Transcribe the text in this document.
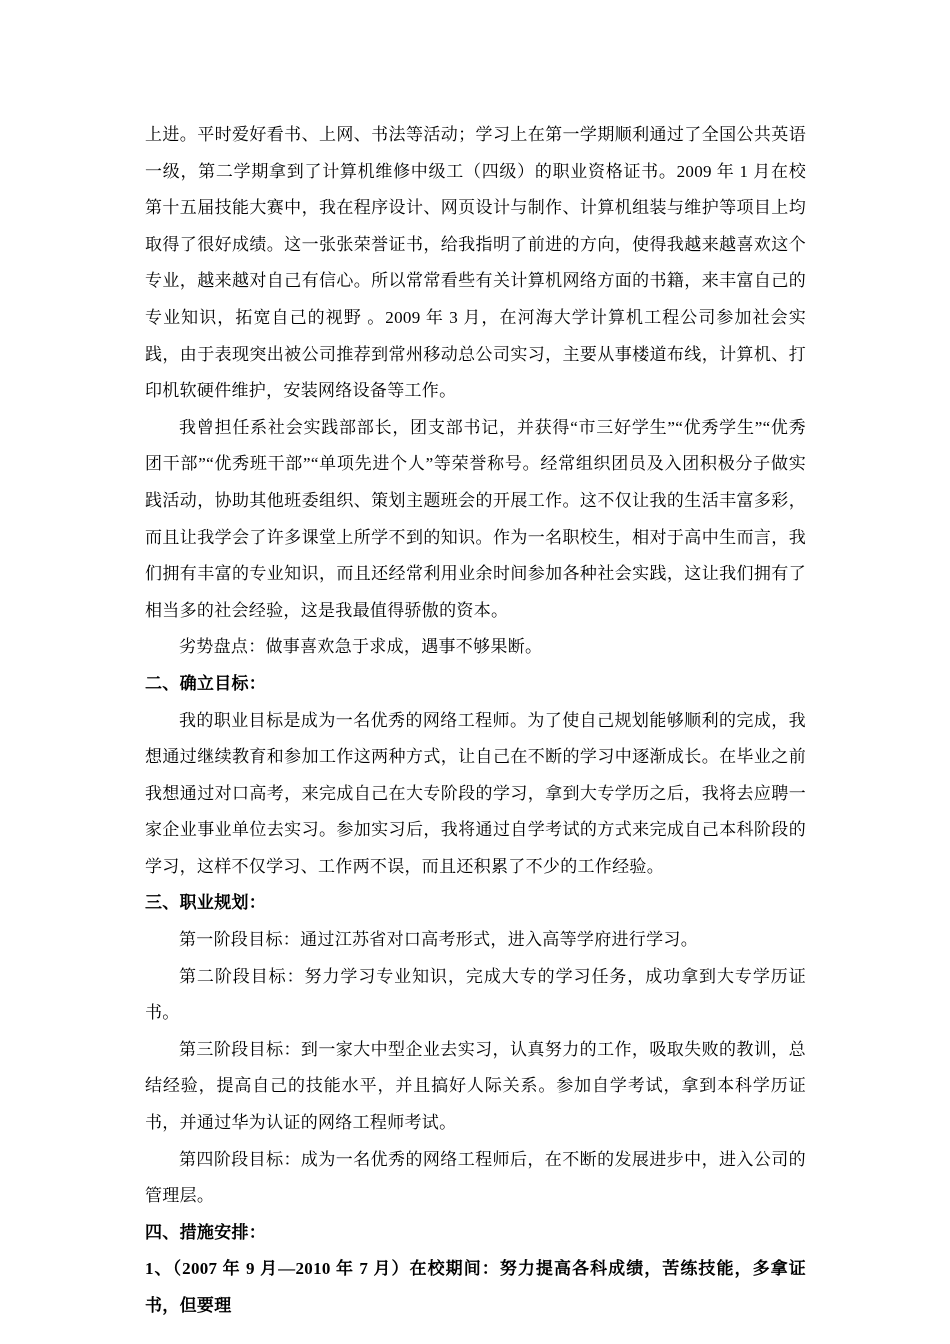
上进。平时爱好看书、上网、书法等活动；学习上在第一学期顺利通过了全国公共英语一级，第二学期拿到了计算机维修中级工（四级）的职业资格证书。2009 年 1 月在校第十五届技能大赛中，我在程序设计、网页设计与制作、计算机组装与维护等项目上均取得了很好成绩。这一张张荣誉证书，给我指明了前进的方向，使得我越来越喜欢这个专业，越来越对自己有信心。所以常常看些有关计算机网络方面的书籍，来丰富自己的专业知识，拓宽自己的视野 。2009 年 3 月，在河海大学计算机工程公司参加社会实践，由于表现突出被公司推荐到常州移动总公司实习，主要从事楼道布线，计算机、打印机软硬件维护，安装网络设备等工作。

我曾担任系社会实践部部长，团支部书记，并获得“市三好学生”“优秀学生”“优秀团干部”“优秀班干部”“单项先进个人”等荣誉称号。经常组织团员及入团积极分子做实践活动，协助其他班委组织、策划主题班会的开展工作。这不仅让我的生活丰富多彩，而且让我学会了许多课堂上所学不到的知识。作为一名职校生，相对于高中生而言，我们拥有丰富的专业知识，而且还经常利用业余时间参加各种社会实践，这让我们拥有了相当多的社会经验，这是我最值得骄傲的资本。

劣势盘点：做事喜欢急于求成，遇事不够果断。

二、确立目标：

我的职业目标是成为一名优秀的网络工程师。为了使自己规划能够顺利的完成，我想通过继续教育和参加工作这两种方式，让自己在不断的学习中逐渐成长。在毕业之前我想通过对口高考，来完成自己在大专阶段的学习，拿到大专学历之后，我将去应聘一家企业事业单位去实习。参加实习后，我将通过自学考试的方式来完成自己本科阶段的学习，这样不仅学习、工作两不误，而且还积累了不少的工作经验。

三、职业规划：

第一阶段目标：通过江苏省对口高考形式，进入高等学府进行学习。

第二阶段目标：努力学习专业知识，完成大专的学习任务，成功拿到大专学历证书。

第三阶段目标：到一家大中型企业去实习，认真努力的工作，吸取失败的教训，总结经验，提高自己的技能水平，并且搞好人际关系。参加自学考试，拿到本科学历证书，并通过华为认证的网络工程师考试。

第四阶段目标：成为一名优秀的网络工程师后，在不断的发展进步中，进入公司的管理层。

四、措施安排：

1、（2007 年 9 月—2010 年 7 月）在校期间：努力提高各科成绩，苦练技能，多拿证书，但要理
